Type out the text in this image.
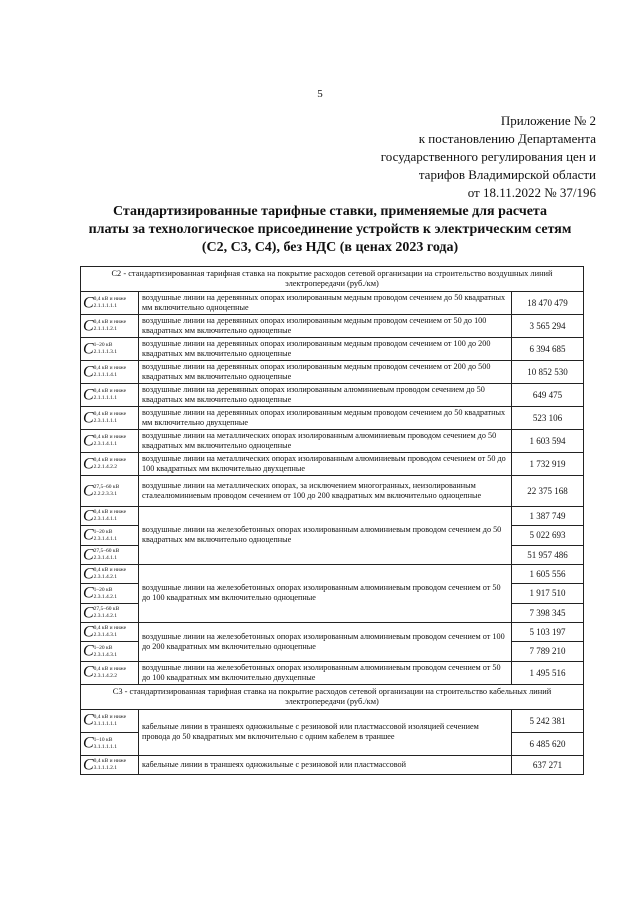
5
Приложение № 2
к постановлению Департамента
государственного регулирования цен и
тарифов Владимирской области
от 18.11.2022 № 37/196
Стандартизированные тарифные ставки, применяемые для расчета
платы за технологическое присоединение устройств к электрическим сетям
(С2, С3, С4), без НДС (в ценах 2023 года)
С2 - стандартизированная тарифная ставка на покрытие расходов сетевой организации на строительство воздушных линий электропередачи (руб./км)		
C 0,4 кВ и ниже
2.1.1.1.1.1	воздушные линии на деревянных опорах изолированным медным проводом сечением до 50 квадратных мм включительно одноцепные	18 470 479
C 0,4 кВ и ниже
2.1.1.1.2.1	воздушные линии на деревянных опорах изолированным медным проводом сечением от 50 до 100 квадратных мм включительно одноцепные	3 565 294
C 1–20 кВ
2.1.1.1.3.1	воздушные линии на деревянных опорах изолированным медным проводом сечением от 100 до 200 квадратных мм включительно одноцепные	6 394 685
C 0,4 кВ и ниже
2.1.1.1.4.1	воздушные линии на деревянных опорах изолированным медным проводом сечением от 200 до 500 квадратных мм включительно одноцепные	10 852 530
C 0,4 кВ и ниже
2.1.1.1.1.1	воздушные линии на деревянных опорах изолированным алюминиевым проводом сечением до 50 квадратных мм включительно одноцепные	649 475
C 0,4 кВ и ниже
2.3.1.1.1.1	воздушные линии на деревянных опорах изолированным медным проводом сечением до 50 квадратных мм включительно двухцепные	523 106
C 0,4 кВ и ниже
2.3.1.4.1.1	воздушные линии на металлических опорах изолированным алюминиевым проводом сечением до 50 квадратных мм включительно одноцепные	1 603 594
C 0,4 кВ и ниже
2.2.1.4.2.2	воздушные линии на металлических опорах изолированным алюминиевым проводом сечением от 50 до 100 квадратных мм включительно двухцепные	1 732 919
C 27,5–60 кВ
2.2.2.3.3.1	воздушные линии на металлических опорах, за исключением многогранных, неизолированным сталеалюминиевым проводом сечением от 100 до 200 квадратных мм включительно одноцепные	22 375 168
C 0,4 кВ и ниже
2.3.1.4.1.1	воздушные линии на железобетонных опорах изолированным алюминиевым проводом сечением до 50 квадратных мм включительно одноцепные	1 387 749
C 1–20 кВ
2.3.1.4.1.1		5 022 693
C 27,5–60 кВ
2.3.1.4.1.1		51 957 486
C 0,4 кВ и ниже
2.3.1.4.2.1	воздушные линии на железобетонных опорах изолированным алюминиевым проводом сечением от 50 до 100 квадратных мм включительно одноцепные	1 605 556
C 1–20 кВ
2.3.1.4.2.1		1 917 510
C 27,5–60 кВ
2.3.1.4.2.1		7 398 345
C 0,4 кВ и ниже
2.3.1.4.3.1	воздушные линии на железобетонных опорах изолированным алюминиевым проводом сечением от 100 до 200 квадратных мм включительно одноцепные	5 103 197
C 1–20 кВ
2.3.1.4.3.1		7 789 210
C 0,4 кВ и ниже
2.3.1.4.2.2	воздушные линии на железобетонных опорах изолированным алюминиевым проводом сечением от 50 до 100 квадратных мм включительно двухцепные	1 495 516
С3 - стандартизированная тарифная ставка на покрытие расходов сетевой организации на строительство кабельных линий электропередачи (руб./км)		
C 0,4 кВ и ниже
3.1.1.1.1.1	кабельные линии в траншеях одножильные с резиновой или пластмассовой изоляцией сечением провода до 50 квадратных мм включительно с одним кабелем в траншее	5 242 381
C 1–10 кВ
3.1.1.1.1.1		6 485 620
C 0,4 кВ и ниже
3.1.1.1.2.1	кабельные линии в траншеях одножильные с резиновой или пластмассовой	637 271
